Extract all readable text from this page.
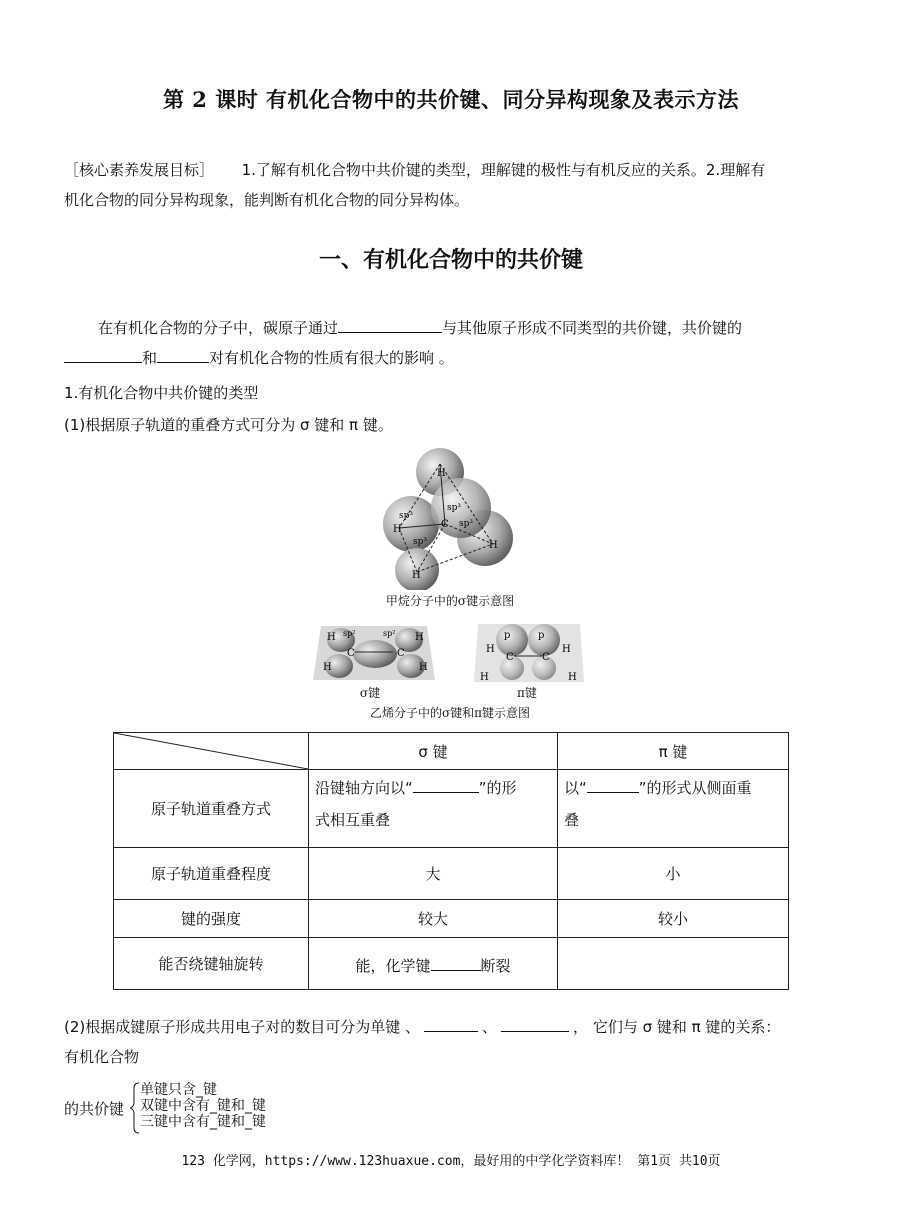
第 2 课时 有机化合物中的共价键、同分异构现象及表示方法
［核心素养发展目标］ 1.了解有机化合物中共价键的类型，理解键的极性与有机反应的关系。2.理解有
机化合物的同分异构现象，能判断有机化合物的同分异构体。
一、有机化合物中的共价键
在有机化合物的分子中，碳原子通过	与其他原子形成不同类型的共价键，共价键的
和	对有机化合物的性质有很大的影响 。
1.有机化合物中共价键的类型
(1)根据原子轨道的重叠方式可分为 σ 键和 π 键。
H
H
H
H
C
sp³
sp³
sp³
sp³
甲烷分子中的σ键示意图
H
H
H
H
C	C
sp²	sp²
σ键
p	p
H
H
H
H
C	C
π键
乙烯分子中的σ键和π键示意图
	σ 键	π 键
原子轨道重叠方式	沿键轴方向以“ ”的形
式相互重叠	以“ ”的形式从侧面重
叠
原子轨道重叠程度	大	小
键的强度	较大	较小
能否绕键轴旋转	能，化学键 断裂	
(2)根据成键原子形成共用电子对的数目可分为单键 、	、	， 它们与 σ 键和 π 键的关系：
有机化合物
的共价键
单键只含_键
双键中含有_键和_键
三键中含有_键和_键
123 化学网，https://www.123huaxue.com，最好用的中学化学资料库！ 第1页 共10页
